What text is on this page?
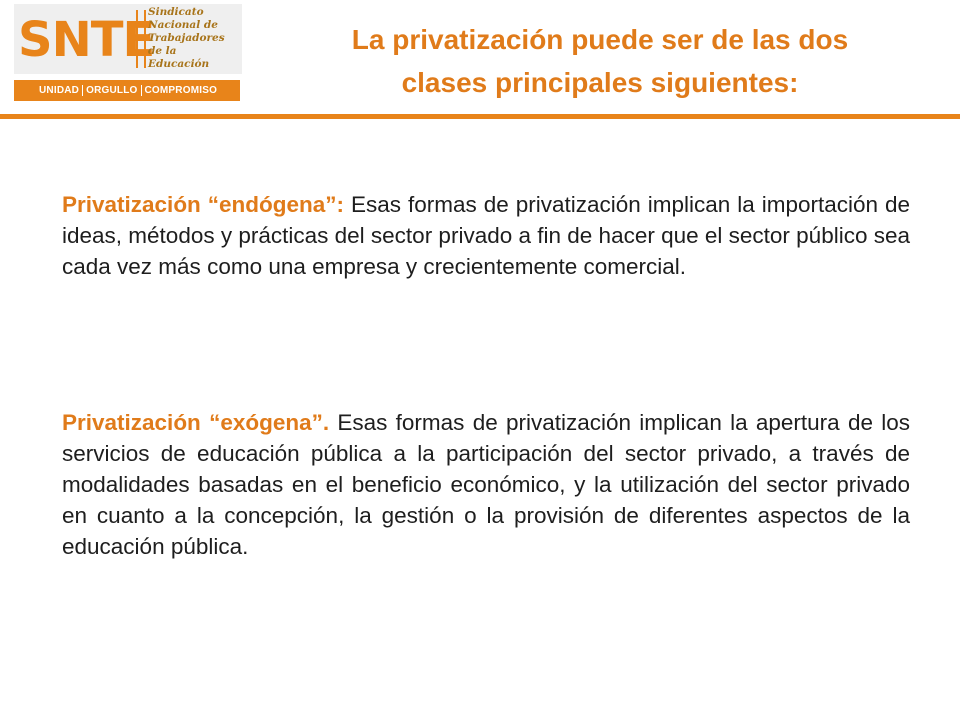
SNTE
Sindicato
Nacional de
Trabajadores de la
Educación
UNIDAD ORGULLO COMPROMISO
La privatización puede ser de las dos
clases principales siguientes:
Privatización “endógena”: Esas formas de privatización implican la importación de ideas, métodos y prácticas del sector privado a fin de hacer que el sector público sea cada vez más como una empresa y crecientemente comercial.
Privatización “exógena”. Esas formas de privatización implican la apertura de los servicios de educación pública a la participación del sector privado, a través de modalidades basadas en el beneficio económico, y la utilización del sector privado en cuanto a la concepción, la gestión o la provisión de diferentes aspectos de la educación pública.
